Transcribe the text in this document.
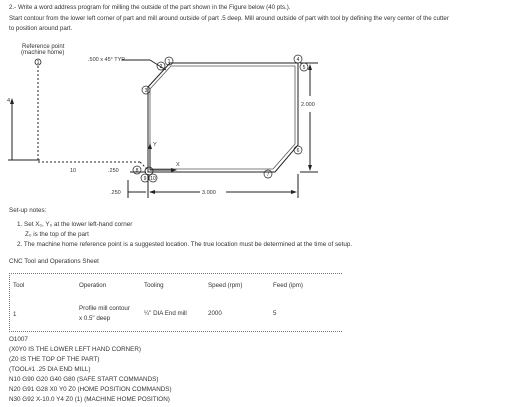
2.- Write a word address program for milling the outside of the part shown in the Figure below (40 pts.).
Start contour from the lower left corner of part and mill around outside of part .5 deep. Mill around outside of part with tool by defining the very center of the cutter
to position around part.
Reference point
(machine home)
.500 x 45° TYP
4
10	.250
.250	3.000
2.000
Y
X
1	1
2
3
4
5
6
7
8
9 10
Set-up notes:
1. Set X₀, Y₀ at the lower left-hand corner
Z₀ is the top of the part
2. The machine home reference point is a suggested location. The true location must be determined at the time of setup.
CNC Tool and Operations Sheet
Tool	Operation	Tooling	Speed (rpm)	Feed (ipm)
1
Profile mill contour
x 0.5" deep
¼" DIA End mill	2000	5
O1007
(X0Y0 IS THE LOWER LEFT HAND CORNER)
(Z0 IS THE TOP OF THE PART)
(TOOL#1 .25 DIA END MILL)
N10 G90 G20 G40 G80 (SAFE START COMMANDS)
N20 G91 G28 X0 Y0 Z0 (HOME POSITION COMMANDS)
N30 G92 X-10.0 Y4 Z0 (1) (MACHINE HOME POSITION)
